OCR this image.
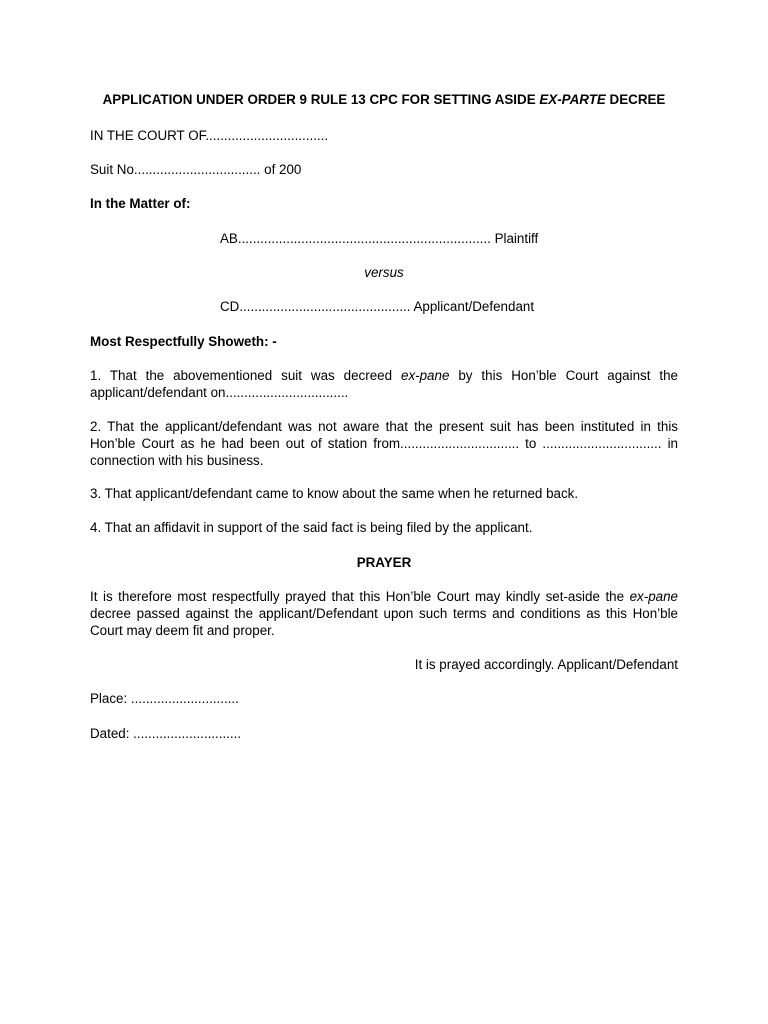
APPLICATION UNDER ORDER 9 RULE 13 CPC FOR SETTING ASIDE EX-PARTE DECREE

IN THE COURT OF.................................

Suit No.................................. of 200

In the Matter of:

AB.................................................................... Plaintiff

versus

CD.............................................. Applicant/Defendant

Most Respectfully Showeth: -

1. That the abovementioned suit was decreed ex-pane by this Hon’ble Court against the
applicant/defendant on.................................
2. That the applicant/defendant was not aware that the present suit has been instituted in this
Hon’ble Court as he had been out of station from................................ to ................................ in
connection with his business.

3. That applicant/defendant came to know about the same when he returned back.

4. That an affidavit in support of the said fact is being filed by the applicant.

PRAYER

It is therefore most respectfully prayed that this Hon’ble Court may kindly set-aside the ex-pane
decree passed against the applicant/Defendant upon such terms and conditions as this Hon’ble
Court may deem fit and proper.

It is prayed accordingly. Applicant/Defendant

Place: .............................

Dated: .............................
